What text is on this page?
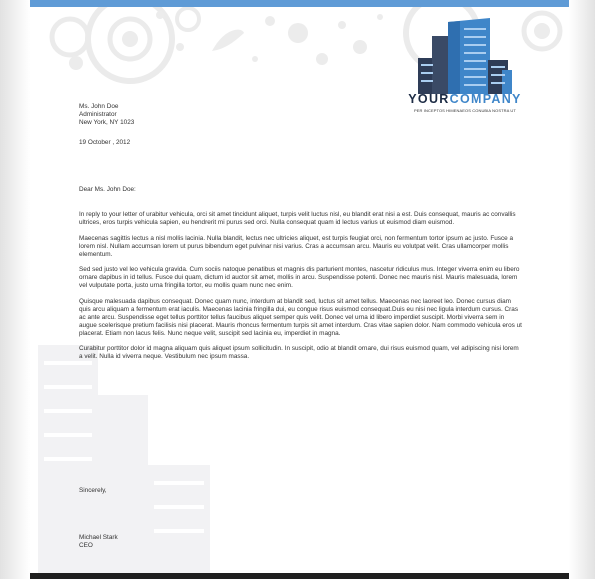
YOURCOMPANY
PER INCEPTOS HIMENAEOS CONUBIA NOSTRA UT
Ms. John Doe
Administrator
New York, NY 1023
19 October , 2012
Dear Ms. John Doe:

In reply to your letter of urabitur vehicula, orci sit amet tincidunt aliquet, turpis velit luctus nisl, eu blandit erat nisi a est. Duis consequat, mauris ac convallis ultrices, eros turpis vehicula sapien, eu hendrerit mi purus sed orci. Nulla consequat quam id lectus varius ut euismod diam euismod.

Maecenas sagittis lectus a nisl mollis lacinia. Nulla blandit, lectus nec ultricies aliquet, est turpis feugiat orci, non fermentum tortor ipsum ac justo. Fusce a lorem nisl. Nullam accumsan lorem ut purus bibendum eget pulvinar nisi varius. Cras a accumsan arcu. Mauris eu volutpat velit. Cras ullamcorper mollis elementum.

Sed sed justo vel leo vehicula gravida. Cum sociis natoque penatibus et magnis dis parturient montes, nascetur ridiculus mus. Integer viverra enim eu libero ornare dapibus in id tellus. Fusce dui quam, dictum id auctor sit amet, mollis in arcu. Suspendisse potenti. Donec nec mauris nisl. Mauris malesuada, lorem vel vulputate porta, justo urna fringilla tortor, eu mollis quam nunc nec enim.

Quisque malesuada dapibus consequat. Donec quam nunc, interdum at blandit sed, luctus sit amet tellus. Maecenas nec laoreet leo. Donec cursus diam quis arcu aliquam a fermentum erat iaculis. Maecenas lacinia fringilla dui, eu congue risus euismod consequat.Duis eu nisi nec ligula interdum cursus. Cras ac ante arcu. Suspendisse eget tellus porttitor tellus faucibus aliquet semper quis velit. Donec vel urna id libero imperdiet suscipit. Morbi viverra sem in augue scelerisque pretium facilisis nisi placerat. Mauris rhoncus fermentum turpis sit amet interdum. Cras vitae sapien dolor. Nam commodo vehicula eros ut placerat. Etiam non lacus felis. Nunc neque velit, suscipit sed lacinia eu, imperdiet in magna.

Curabitur porttitor dolor id magna aliquam quis aliquet ipsum sollicitudin. In suscipit, odio at blandit ornare, dui risus euismod quam, vel adipiscing nisi lorem a velit. Nulla id viverra neque. Vestibulum nec ipsum massa.

Sincerely,
Michael Stark
CEO
